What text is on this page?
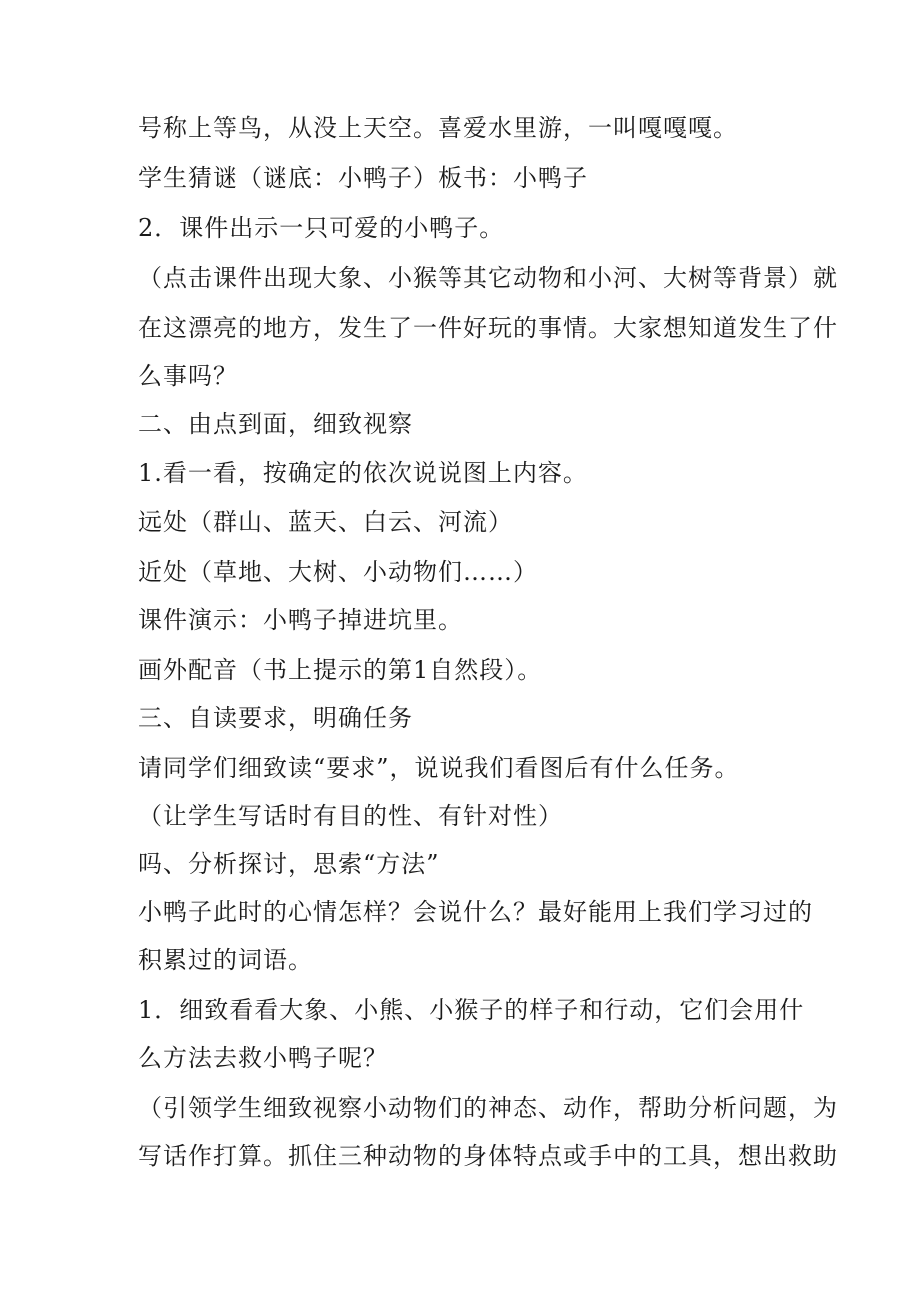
号称上等鸟，从没上天空。喜爱水里游，一叫嘎嘎嘎。
学生猜谜（谜底：小鸭子）板书：小鸭子
2．课件出示一只可爱的小鸭子。
（点击课件出现大象、小猴等其它动物和小河、大树等背景）就
在这漂亮的地方，发生了一件好玩的事情。大家想知道发生了什
么事吗？
二、由点到面，细致视察
1.看一看，按确定的依次说说图上内容。
远处（群山、蓝天、白云、河流）
近处（草地、大树、小动物们……）
课件演示：小鸭子掉进坑里。
画外配音（书上提示的第1自然段）。
三、自读要求，明确任务
请同学们细致读“要求”，说说我们看图后有什么任务。
（让学生写话时有目的性、有针对性）
吗、分析探讨，思索“方法”
小鸭子此时的心情怎样？会说什么？最好能用上我们学习过的
积累过的词语。
1．细致看看大象、小熊、小猴子的样子和行动，它们会用什
么方法去救小鸭子呢？
（引领学生细致视察小动物们的神态、动作，帮助分析问题，为
写话作打算。抓住三种动物的身体特点或手中的工具，想出救助
